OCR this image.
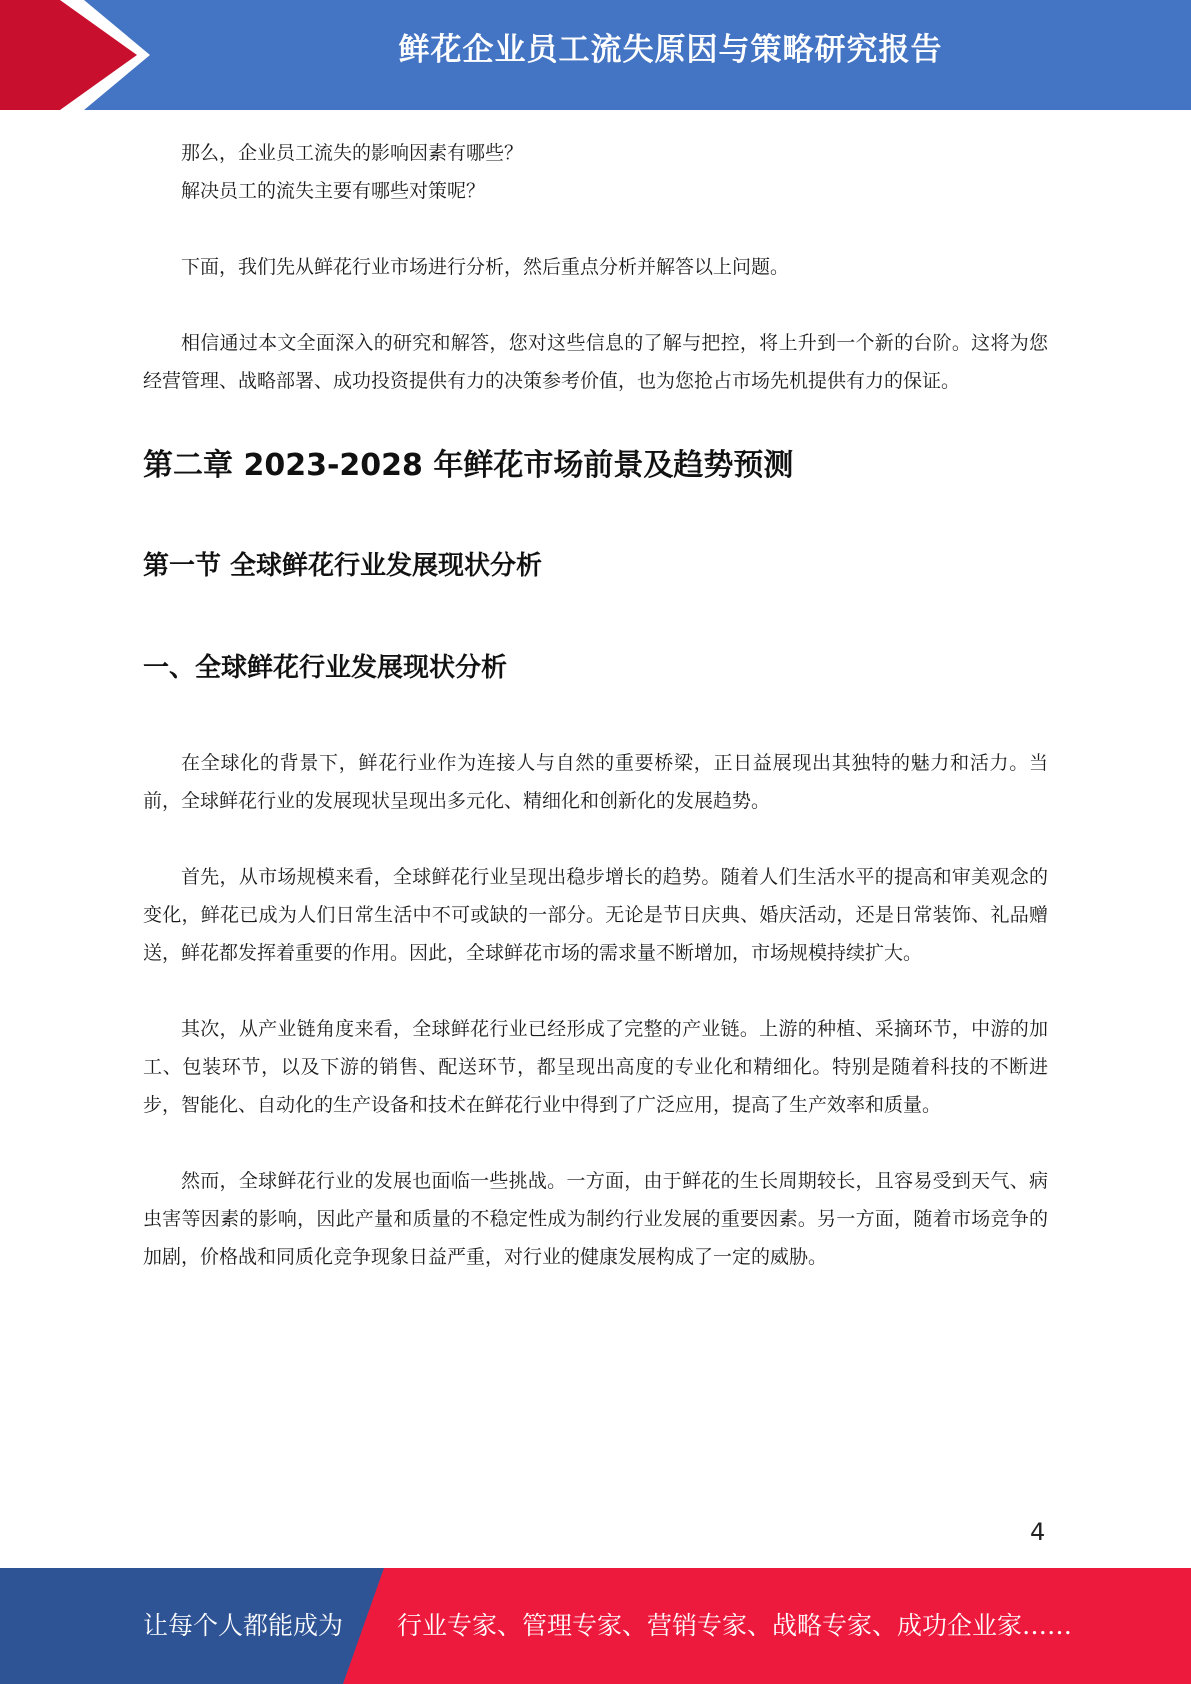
鲜花企业员工流失原因与策略研究报告

那么，企业员工流失的影响因素有哪些？

解决员工的流失主要有哪些对策呢？

下面，我们先从鲜花行业市场进行分析，然后重点分析并解答以上问题。

相信通过本文全面深入的研究和解答，您对这些信息的了解与把控，将上升到一个新的台阶。这将为您经营管理、战略部署、成功投资提供有力的决策参考价值，也为您抢占市场先机提供有力的保证。

第二章 2023-2028 年鲜花市场前景及趋势预测
第一节 全球鲜花行业发展现状分析
一、全球鲜花行业发展现状分析

在全球化的背景下，鲜花行业作为连接人与自然的重要桥梁，正日益展现出其独特的魅力和活力。当前，全球鲜花行业的发展现状呈现出多元化、精细化和创新化的发展趋势。

首先，从市场规模来看，全球鲜花行业呈现出稳步增长的趋势。随着人们生活水平的提高和审美观念的变化，鲜花已成为人们日常生活中不可或缺的一部分。无论是节日庆典、婚庆活动，还是日常装饰、礼品赠送，鲜花都发挥着重要的作用。因此，全球鲜花市场的需求量不断增加，市场规模持续扩大。

其次，从产业链角度来看，全球鲜花行业已经形成了完整的产业链。上游的种植、采摘环节，中游的加工、包装环节，以及下游的销售、配送环节，都呈现出高度的专业化和精细化。特别是随着科技的不断进步，智能化、自动化的生产设备和技术在鲜花行业中得到了广泛应用，提高了生产效率和质量。

然而，全球鲜花行业的发展也面临一些挑战。一方面，由于鲜花的生长周期较长，且容易受到天气、病虫害等因素的影响，因此产量和质量的不稳定性成为制约行业发展的重要因素。另一方面，随着市场竞争的加剧，价格战和同质化竞争现象日益严重，对行业的健康发展构成了一定的威胁。

4
让每个人都能成为 行业专家、管理专家、营销专家、战略专家、成功企业家……
